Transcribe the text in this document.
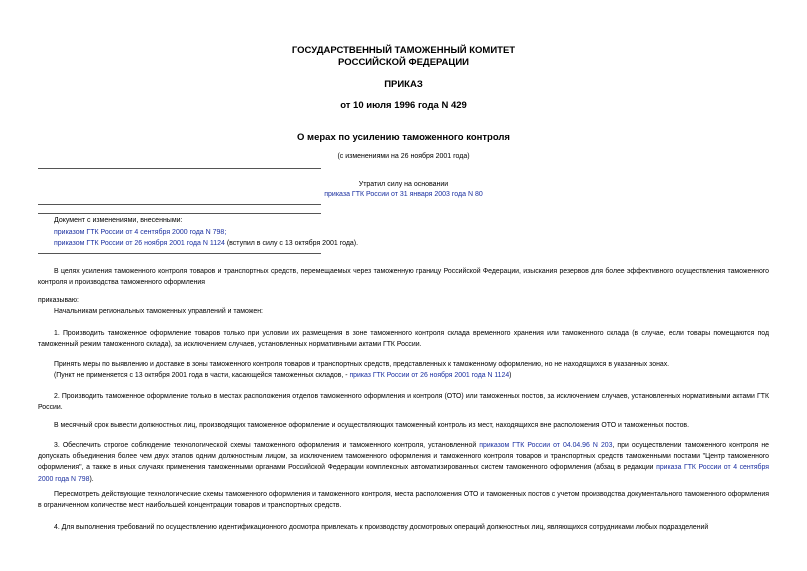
ГОСУДАРСТВЕННЫЙ ТАМОЖЕННЫЙ КОМИТЕТ
РОССИЙСКОЙ ФЕДЕРАЦИИ
ПРИКАЗ
от 10 июля 1996 года N 429
О мерах по усилению таможенного контроля
(с изменениями на 26 ноября 2001 года)
Утратил силу на основании
приказа ГТК России от 31 января 2003 года N 80
Документ с изменениями, внесенными:
приказом ГТК России от 4 сентября 2000 года N 798;
приказом ГТК России от 26 ноября 2001 года N 1124 (вступил в силу с 13 октября 2001 года).
В целях усиления таможенного контроля товаров и транспортных средств, перемещаемых через таможенную границу Российской Федерации, изыскания резервов для более эффективного осуществления таможенного контроля и производства таможенного оформления
приказываю:
Начальникам региональных таможенных управлений и таможен:
1. Производить таможенное оформление товаров только при условии их размещения в зоне таможенного контроля склада временного хранения или таможенного склада (в случае, если товары помещаются под таможенный режим таможенного склада), за исключением случаев, установленных нормативными актами ГТК России.
Принять меры по выявлению и доставке в зоны таможенного контроля товаров и транспортных средств, представленных к таможенному оформлению, но не находящихся в указанных зонах.
(Пункт не применяется с 13 октября 2001 года в части, касающейся таможенных складов, - приказ ГТК России от 26 ноября 2001 года N 1124)
2. Производить таможенное оформление только в местах расположения отделов таможенного оформления и контроля (ОТО) или таможенных постов, за исключением случаев, установленных нормативными актами ГТК России.
В месячный срок вывести должностных лиц, производящих таможенное оформление и осуществляющих таможенный контроль из мест, находящихся вне расположения ОТО и таможенных постов.
3. Обеспечить строгое соблюдение технологической схемы таможенного оформления и таможенного контроля, установленной приказом ГТК России от 04.04.96 N 203, при осуществлении таможенного контроля не допускать объединения более чем двух этапов одним должностным лицом, за исключением таможенного оформления и таможенного контроля товаров и транспортных средств таможенными постами "Центр таможенного оформления", а также в иных случаях применения таможенными органами Российской Федерации комплексных автоматизированных систем таможенного оформления (абзац в редакции приказа ГТК России от 4 сентября 2000 года N 798).
Пересмотреть действующие технологические схемы таможенного оформления и таможенного контроля, места расположения ОТО и таможенных постов с учетом производства документального таможенного оформления в ограниченном количестве мест наибольшей концентрации товаров и транспортных средств.
4. Для выполнения требований по осуществлению идентификационного досмотра привлекать к производству досмотровых операций должностных лиц, являющихся сотрудниками любых подразделений
